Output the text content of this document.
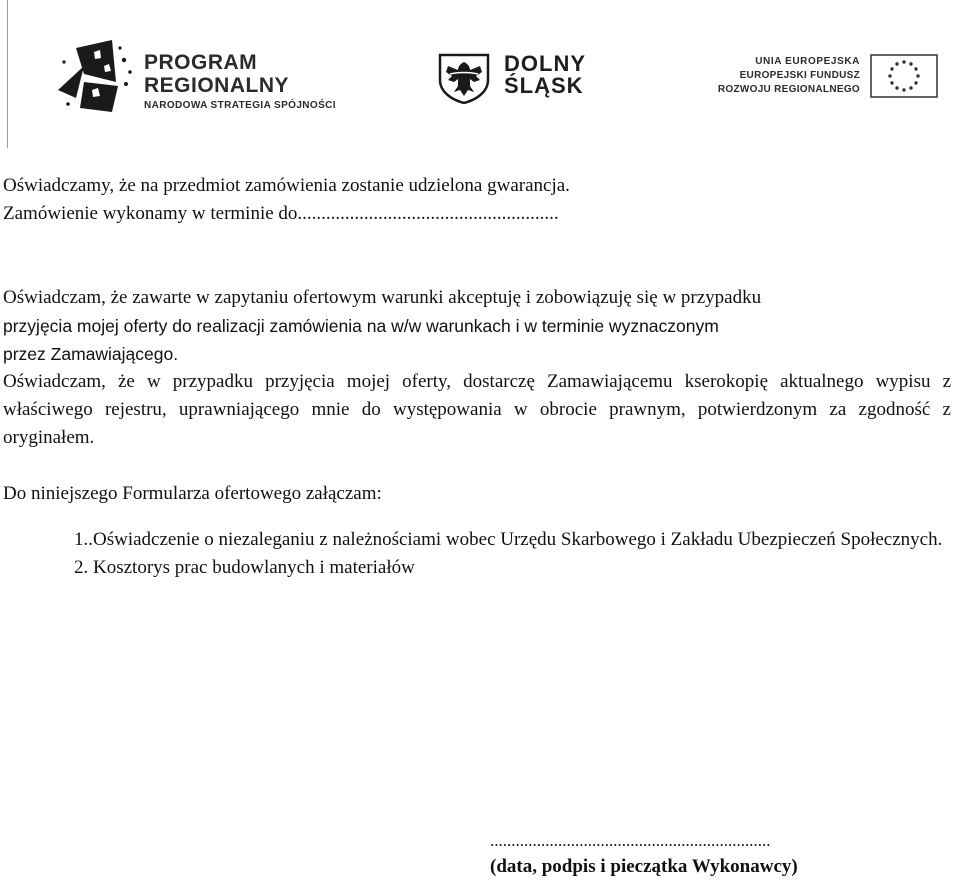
PROGRAM
REGIONALNY
NARODOWA STRATEGIA SPÓJNOŚCI
DOLNY
ŚLĄSK
UNIA EUROPEJSKA
EUROPEJSKI FUNDUSZ
ROZWOJU REGIONALNEGO
Oświadczamy, że na przedmiot zamówienia zostanie udzielona gwarancja.
Zamówienie wykonamy w terminie do.......................................................
Oświadczam, że zawarte w zapytaniu ofertowym warunki akceptuję i zobowiązuję się w przypadku
przyjęcia mojej oferty do realizacji zamówienia na w/w warunkach i w terminie wyznaczonym
przez Zamawiającego.
Oświadczam, że w przypadku przyjęcia mojej oferty, dostarczę Zamawiającemu kserokopię aktualnego wypisu z właściwego rejestru, uprawniającego mnie do występowania w obrocie prawnym, potwierdzonym za zgodność z oryginałem.
Do niniejszego Formularza ofertowego załączam:
1..Oświadczenie o niezaleganiu z należnościami wobec Urzędu Skarbowego i Zakładu Ubezpieczeń Społecznych.
2. Kosztorys prac budowlanych i materiałów
..................................................................
(data, podpis i pieczątka Wykonawcy)
